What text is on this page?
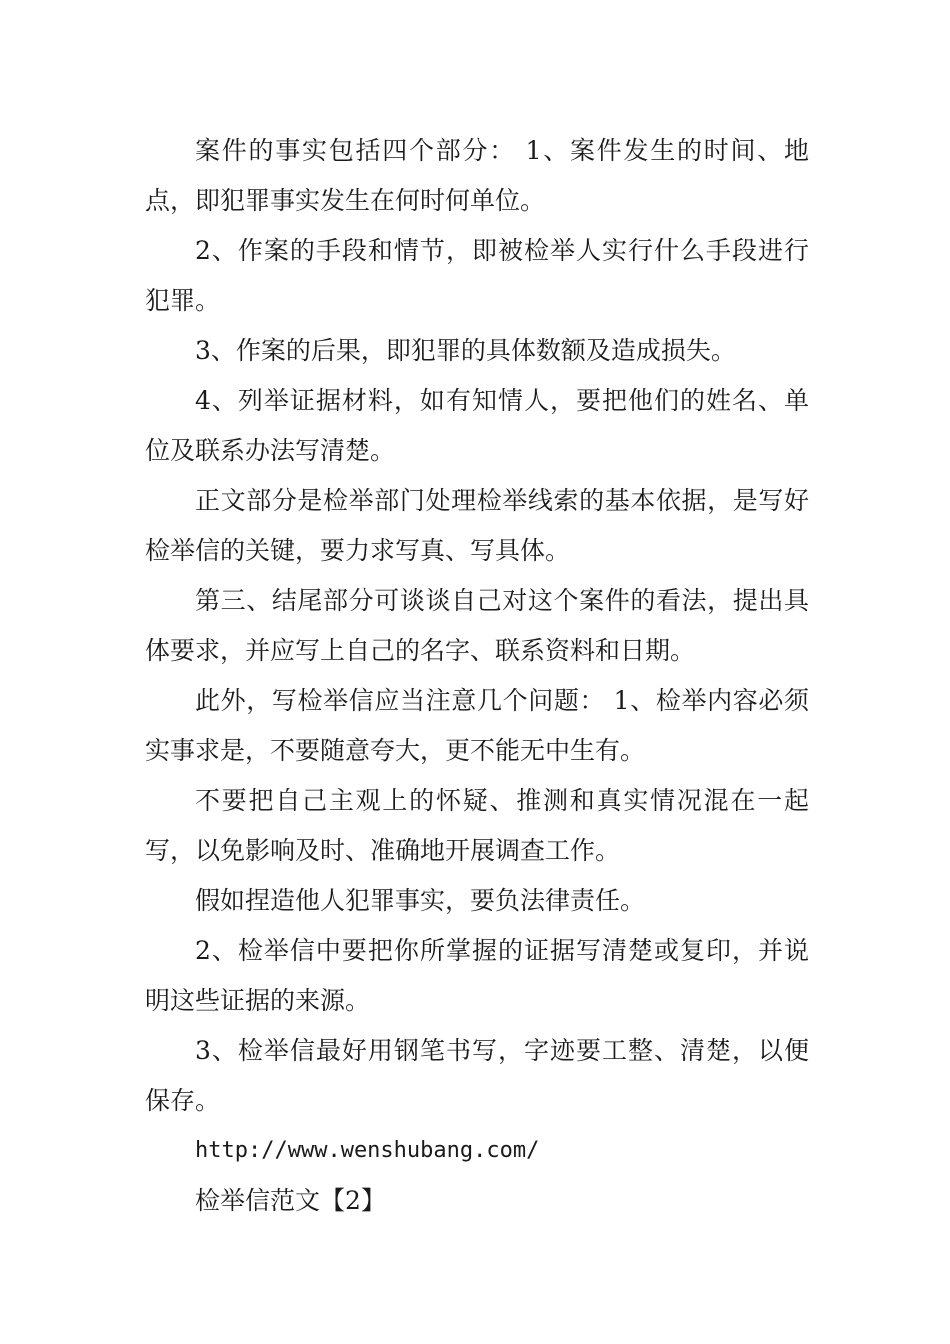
案件的事实包括四个部分： 1、案件发生的时间、地点，即犯罪事实发生在何时何单位。

2、作案的手段和情节，即被检举人实行什么手段进行犯罪。

3、作案的后果，即犯罪的具体数额及造成损失。

4、列举证据材料，如有知情人，要把他们的姓名、单位及联系办法写清楚。

正文部分是检举部门处理检举线索的基本依据，是写好检举信的关键，要力求写真、写具体。

第三、结尾部分可谈谈自己对这个案件的看法，提出具体要求，并应写上自己的名字、联系资料和日期。

此外，写检举信应当注意几个问题： 1、检举内容必须实事求是，不要随意夸大，更不能无中生有。

不要把自己主观上的怀疑、推测和真实情况混在一起写，以免影响及时、准确地开展调查工作。

假如捏造他人犯罪事实，要负法律责任。

2、检举信中要把你所掌握的证据写清楚或复印，并说明这些证据的来源。

3、检举信最好用钢笔书写，字迹要工整、清楚，以便保存。

http://www.wenshubang.com/

检举信范文【2】
